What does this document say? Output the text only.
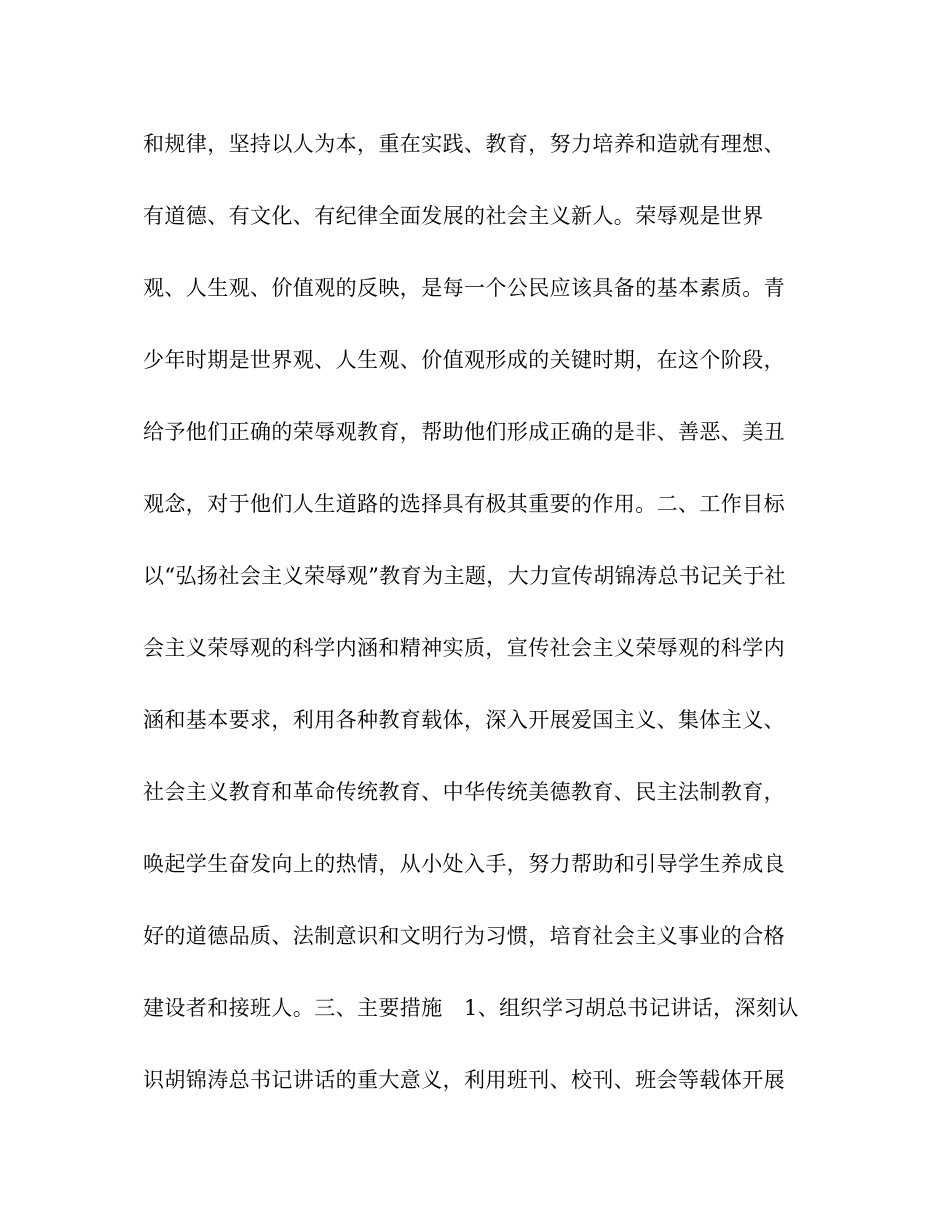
和规律，坚持以人为本，重在实践、教育，努力培养和造就有理想、
有道德、有文化、有纪律全面发展的社会主义新人。荣辱观是世界
观、人生观、价值观的反映，是每一个公民应该具备的基本素质。青
少年时期是世界观、人生观、价值观形成的关键时期，在这个阶段，
给予他们正确的荣辱观教育，帮助他们形成正确的是非、善恶、美丑
观念，对于他们人生道路的选择具有极其重要的作用。二、工作目标
以“弘扬社会主义荣辱观”教育为主题，大力宣传胡锦涛总书记关于社
会主义荣辱观的科学内涵和精神实质，宣传社会主义荣辱观的科学内
涵和基本要求，利用各种教育载体，深入开展爱国主义、集体主义、
社会主义教育和革命传统教育、中华传统美德教育、民主法制教育，
唤起学生奋发向上的热情，从小处入手，努力帮助和引导学生养成良
好的道德品质、法制意识和文明行为习惯，培育社会主义事业的合格
建设者和接班人。三、主要措施　1、组织学习胡总书记讲话，深刻认
识胡锦涛总书记讲话的重大意义，利用班刊、校刊、班会等载体开展
